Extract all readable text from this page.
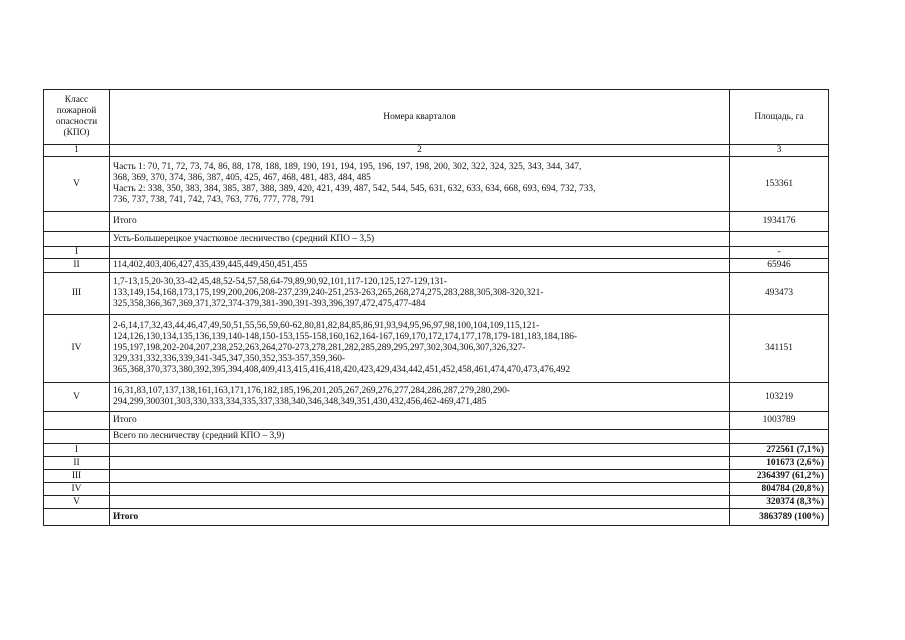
Класс пожарной опасности (КПО)	Номера кварталов	Площадь, га
1	2	3
V	Часть 1: 70, 71, 72, 73, 74, 86, 88, 178, 188, 189, 190, 191, 194, 195, 196, 197, 198, 200, 302, 322, 324, 325, 343, 344, 347,
368, 369, 370, 374, 386, 387, 405, 425, 467, 468, 481, 483, 484, 485
Часть 2: 338, 350, 383, 384, 385, 387, 388, 389, 420, 421, 439, 487, 542, 544, 545, 631, 632, 633, 634, 668, 693, 694, 732, 733,
736, 737, 738, 741, 742, 743, 763, 776, 777, 778, 791	153361
	Итого	1934176
	Усть-Большерецкое участковое лесничество (средний КПО – 3,5)	
I		-
II	114,402,403,406,427,435,439,445,449,450,451,455	65946
III	1,7-13,15,20-30,33-42,45,48,52-54,57,58,64-79,89,90,92,101,117-120,125,127-129,131-
133,149,154,168,173,175,199,200,206,208-237,239,240-251,253-263,265,268,274,275,283,288,305,308-320,321-
325,358,366,367,369,371,372,374-379,381-390,391-393,396,397,472,475,477-484	493473
IV	2-6,14,17,32,43,44,46,47,49,50,51,55,56,59,60-62,80,81,82,84,85,86,91,93,94,95,96,97,98,100,104,109,115,121-
124,126,130,134,135,136,139,140-148,150-153,155-158,160,162,164-167,169,170,172,174,177,178,179-181,183,184,186-
195,197,198,202-204,207,238,252,263,264,270-273,278,281,282,285,289,295,297,302,304,306,307,326,327-
329,331,332,336,339,341-345,347,350,352,353-357,359,360-
365,368,370,373,380,392,395,394,408,409,413,415,416,418,420,423,429,434,442,451,452,458,461,474,470,473,476,492	341151
V	16,31,83,107,137,138,161,163,171,176,182,185,196,201,205,267,269,276,277,284,286,287,279,280,290-
294,299,300301,303,330,333,334,335,337,338,340,346,348,349,351,430,432,456,462-469,471,485	103219
	Итого	1003789
	Всего по лесничеству (средний КПО – 3,9)	
I		272561 (7,1%)
II		101673 (2,6%)
III		2364397 (61,2%)
IV		804784 (20,8%)
V		320374 (8,3%)
	Итого	3863789 (100%)
